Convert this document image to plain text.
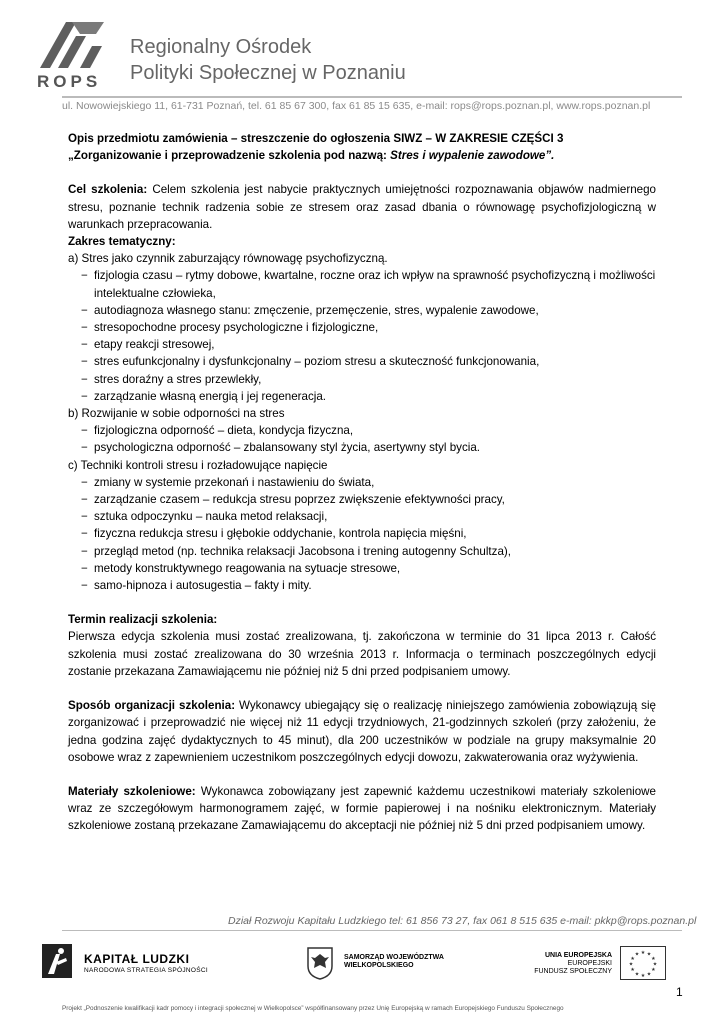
ROPS
Regionalny Ośrodek
Polityki Społecznej w Poznaniu
ul. Nowowiejskiego 11, 61-731 Poznań, tel. 61 85 67 300, fax 61 85 15 635, e-mail: rops@rops.poznan.pl, www.rops.poznan.pl

Opis przedmiotu zamówienia – streszczenie do ogłoszenia SIWZ – W ZAKRESIE CZĘŚCI 3

„Zorganizowanie i przeprowadzenie szkolenia pod nazwą: Stres i wypalenie zawodowe”.

Cel szkolenia: Celem szkolenia jest nabycie praktycznych umiejętności rozpoznawania objawów nadmiernego stresu, poznanie technik radzenia sobie ze stresem oraz zasad dbania o równowagę psychofizjologiczną w warunkach przepracowania.

Zakres tematyczny:

a) Stres jako czynnik zaburzający równowagę psychofizyczną.

− fizjologia czasu – rytmy dobowe, kwartalne, roczne oraz ich wpływ na sprawność psychofizyczną i możliwości intelektualne człowieka,
− autodiagnoza własnego stanu: zmęczenie, przemęczenie, stres, wypalenie zawodowe,
− stresopochodne procesy psychologiczne i fizjologiczne,
− etapy reakcji stresowej,
− stres eufunkcjonalny i dysfunkcjonalny – poziom stresu a skuteczność funkcjonowania,
− stres doraźny a stres przewlekły,
− zarządzanie własną energią i jej regeneracja.

b) Rozwijanie w sobie odporności na stres

− fizjologiczna odporność – dieta, kondycja fizyczna,
− psychologiczna odporność – zbalansowany styl życia, asertywny styl bycia.

c) Techniki kontroli stresu i rozładowujące napięcie

− zmiany w systemie przekonań i nastawieniu do świata,
− zarządzanie czasem – redukcja stresu poprzez zwiększenie efektywności pracy,
− sztuka odpoczynku – nauka metod relaksacji,
− fizyczna redukcja stresu i głębokie oddychanie, kontrola napięcia mięśni,
− przegląd metod (np. technika relaksacji Jacobsona i trening autogenny Schultza),
− metody konstruktywnego reagowania na sytuacje stresowe,
− samo-hipnoza i autosugestia – fakty i mity.

Termin realizacji szkolenia:

Pierwsza edycja szkolenia musi zostać zrealizowana, tj. zakończona w terminie do 31 lipca 2013 r. Całość szkolenia musi zostać zrealizowana do 30 września 2013 r. Informacja o terminach poszczególnych edycji zostanie przekazana Zamawiającemu nie później niż 5 dni przed podpisaniem umowy.

Sposób organizacji szkolenia: Wykonawcy ubiegający się o realizację niniejszego zamówienia zobowiązują się zorganizować i przeprowadzić nie więcej niż 11 edycji trzydniowych, 21-godzinnych szkoleń (przy założeniu, że jedna godzina zajęć dydaktycznych to 45 minut), dla 200 uczestników w podziale na grupy maksymalnie 20 osobowe wraz z zapewnieniem uczestnikom poszczególnych edycji dowozu, zakwaterowania oraz wyżywienia.

Materiały szkoleniowe: Wykonawca zobowiązany jest zapewnić każdemu uczestnikowi materiały szkoleniowe wraz ze szczegółowym harmonogramem zajęć, w formie papierowej i na nośniku elektronicznym. Materiały szkoleniowe zostaną przekazane Zamawiającemu do akceptacji nie później niż 5 dni przed podpisaniem umowy.

Dział Rozwoju Kapitału Ludzkiego tel: 61 856 73 27, fax 061 8 515 635 e-mail: pkkp@rops.poznan.pl
KAPITAŁ LUDZKI
NARODOWA STRATEGIA SPÓJNOŚCI
SAMORZĄD WOJEWÓDZTWA
WIELKOPOLSKIEGO
UNIA EUROPEJSKA
EUROPEJSKI
FUNDUSZ SPOŁECZNY
★ ★
★
★
★
★
★
★
★
★
★
★
1
Projekt „Podnoszenie kwalifikacji kadr pomocy i integracji społecznej w Wielkopolsce” współfinansowany przez Unię Europejską w ramach Europejskiego Funduszu Społecznego
